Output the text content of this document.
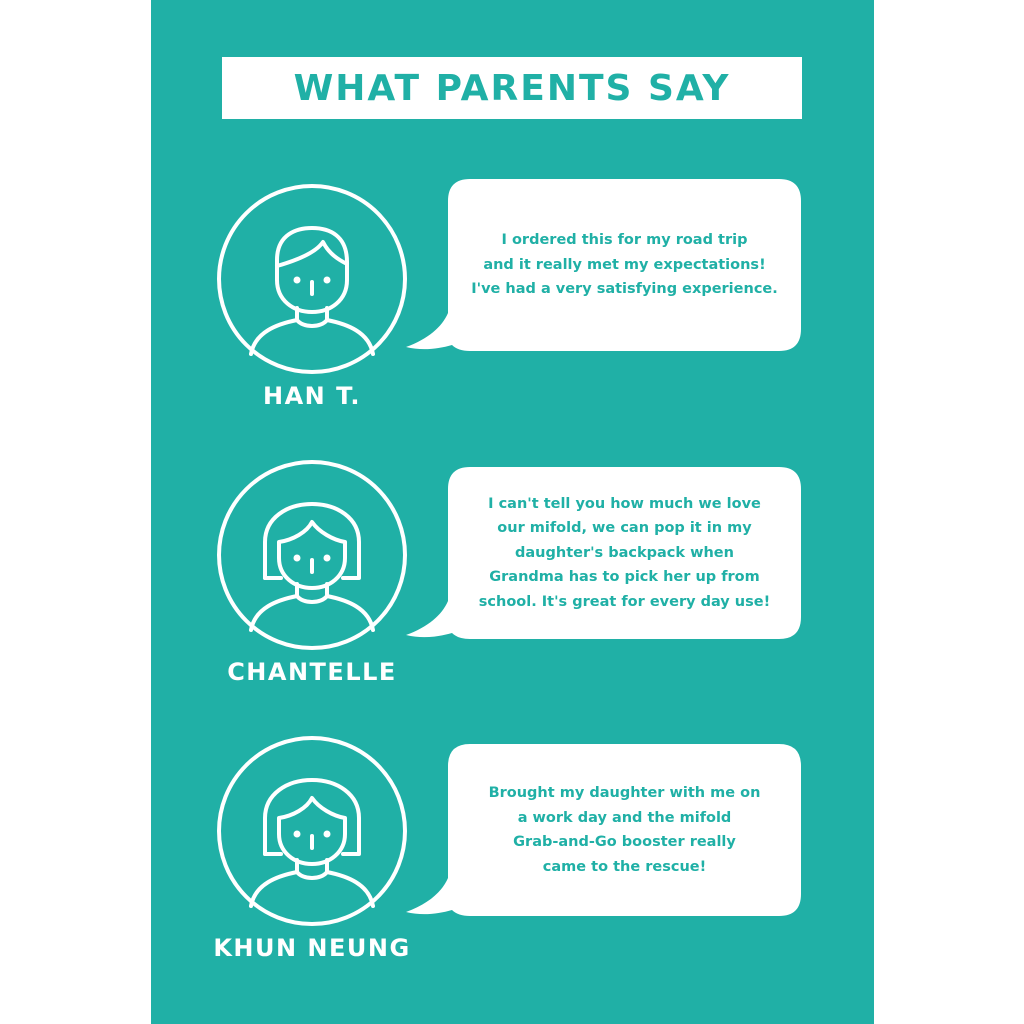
WHAT PARENTS SAY
HAN T.
I ordered this for my road trip
and it really met my expectations!
I've had a very satisfying experience.
CHANTELLE
I can't tell you how much we love
our mifold, we can pop it in my
daughter's backpack when
Grandma has to pick her up from
school. It's great for every day use!
KHUN NEUNG
Brought my daughter with me on
a work day and the mifold
Grab-and-Go booster really
came to the rescue!
